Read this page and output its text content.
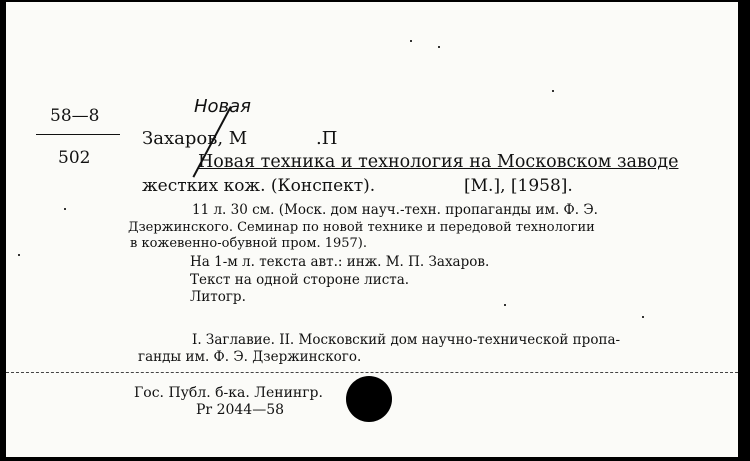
58—8
502
Новая
Захаров, М	.П
Новая техника и технология на Московском заводе
жестких кож. (Конспект).	[М.], [1958].
11 л. 30 см. (Моск. дом науч.-техн. пропаганды им. Ф. Э.
Дзержинского. Семинар по новой технике и передовой технологии
в кожевенно-обувной пром. 1957).
На 1-м л. текста авт.: инж. М. П. Захаров.
Текст на одной стороне листа.
Литогр.
I. Заглавие. II. Московский дом научно-технической пропа-
ганды им. Ф. Э. Дзержинского.
Гос. Публ. б-ка. Ленингр.
Pr 2044—58
